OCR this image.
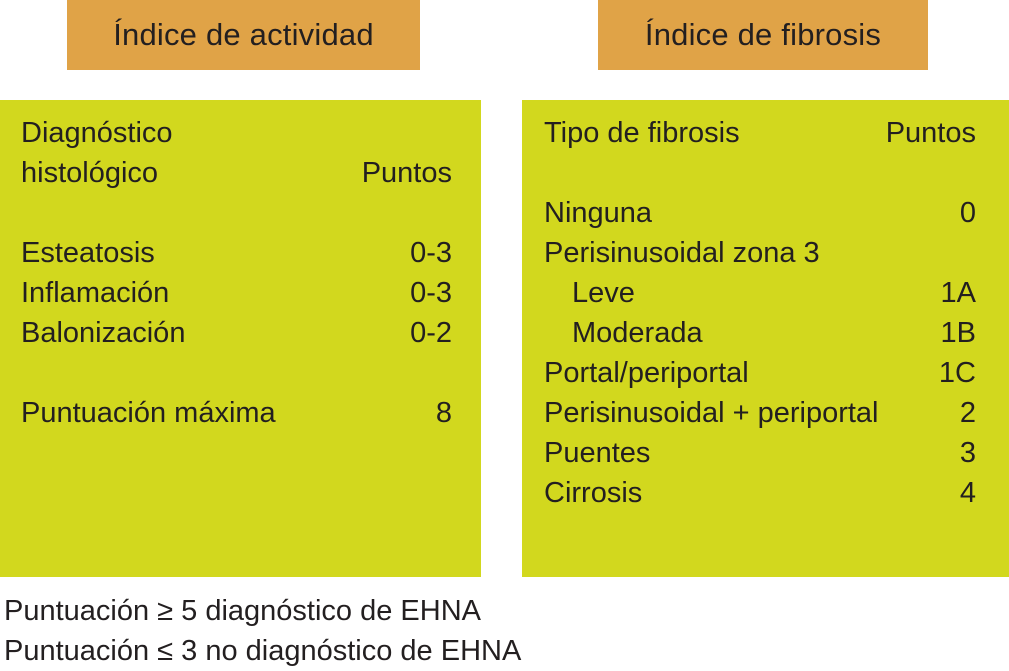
Índice de actividad	Índice de fibrosis
Diagnóstico
histológico	Puntos
Esteatosis	0-3
Inflamación	0-3
Balonización	0-2
Puntuación máxima	8
Tipo de fibrosis	Puntos
Ninguna	0
Perisinusoidal zona 3
Leve	1A
Moderada	1B
Portal/periportal	1C
Perisinusoidal + periportal	2
Puentes	3
Cirrosis	4
Puntuación ≥ 5 diagnóstico de EHNA
Puntuación ≤ 3 no diagnóstico de EHNA
